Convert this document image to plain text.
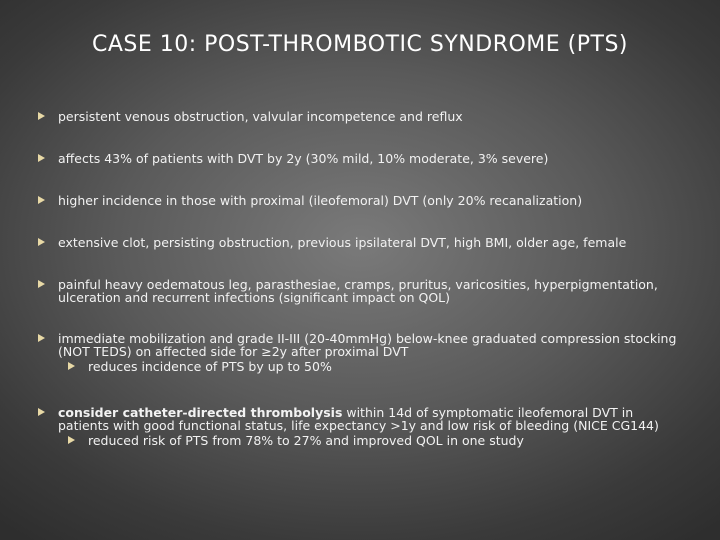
CASE 10: POST-THROMBOTIC SYNDROME (PTS)
persistent venous obstruction, valvular incompetence and reflux
affects 43% of patients with DVT by 2y (30% mild, 10% moderate, 3% severe)
higher incidence in those with proximal (ileofemoral) DVT (only 20% recanalization)
extensive clot, persisting obstruction, previous ipsilateral DVT, high BMI, older age, female
painful heavy oedematous leg, parasthesiae, cramps, pruritus, varicosities, hyperpigmentation, ulceration and recurrent infections (significant impact on QOL)
immediate mobilization and grade II-III (20-40mmHg) below-knee graduated compression stocking (NOT TEDS) on affected side for ≥2y after proximal DVT
reduces incidence of PTS by up to 50%
consider catheter-directed thrombolysis within 14d of symptomatic ileofemoral DVT in patients with good functional status, life expectancy >1y and low risk of bleeding (NICE CG144)
reduced risk of PTS from 78% to 27% and improved QOL in one study
